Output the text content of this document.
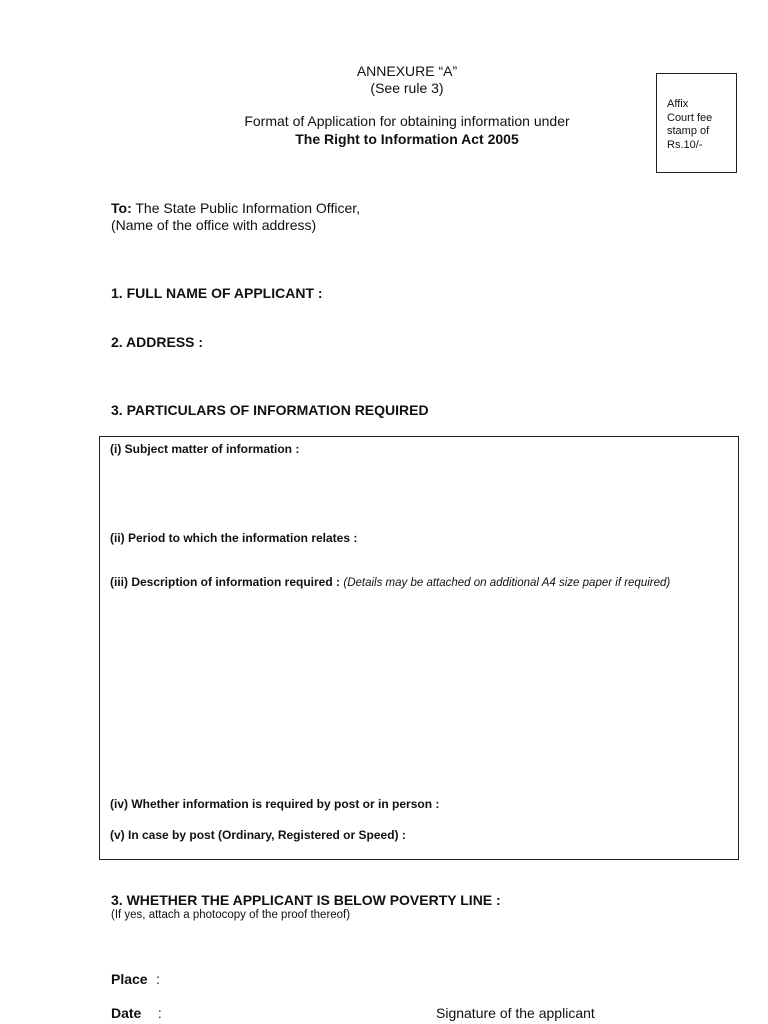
ANNEXURE “A”
(See rule 3)
Format of Application for obtaining information under
The Right to Information Act 2005
Affix
Court fee
stamp of
Rs.10/-
To: The State Public Information Officer,
(Name of the office with address)
1. FULL NAME OF APPLICANT :
2. ADDRESS :
3. PARTICULARS OF INFORMATION REQUIRED
(i) Subject matter of information :
(ii) Period to which the information relates :
(iii) Description of information required : (Details may be attached on additional A4 size paper if required)
(iv) Whether information is required by post or in person :
(v) In case by post (Ordinary, Registered or Speed) :
3. WHETHER THE APPLICANT IS BELOW POVERTY LINE :
(If yes, attach a photocopy of the proof thereof)
Place :
Date :	Signature of the applicant
